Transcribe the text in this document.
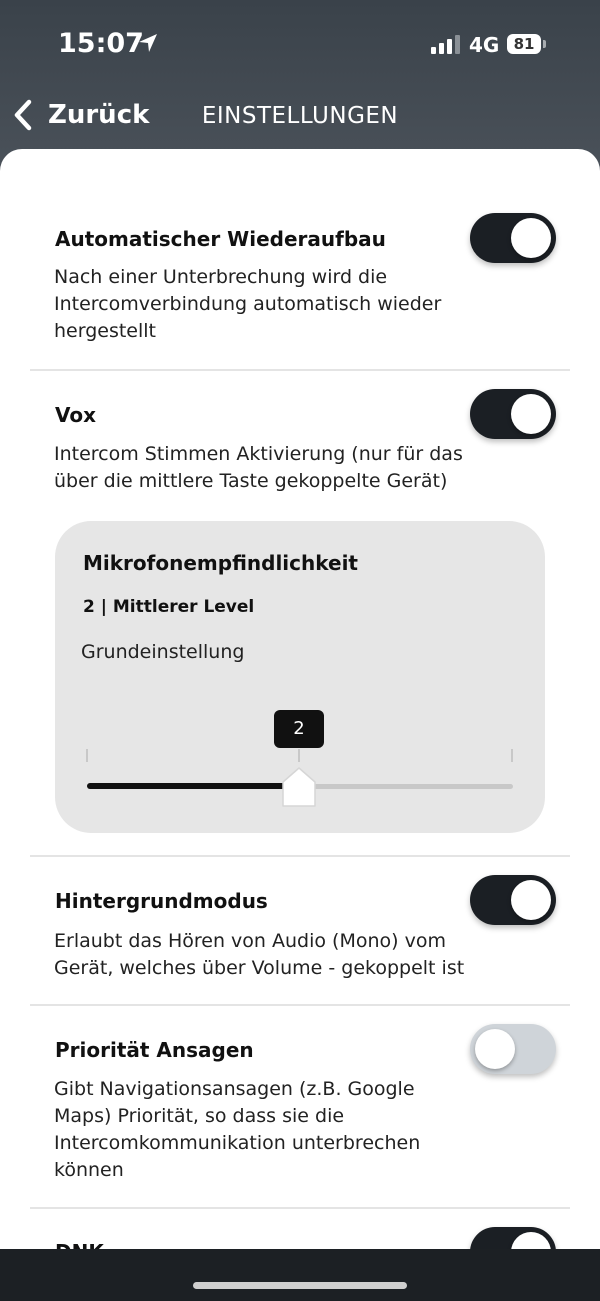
15:07	4G 81
Zurück	EINSTELLUNGEN
Automatischer Wiederaufbau
Nach einer Unterbrechung wird die Intercomverbindung automatisch wieder hergestellt
Vox
Intercom Stimmen Aktivierung (nur für das über die mittlere Taste gekoppelte Gerät)
Mikrofonempfindlichkeit
2 | Mittlerer Level
Grundeinstellung
2
Hintergrundmodus
Erlaubt das Hören von Audio (Mono) vom Gerät, welches über Volume - gekoppelt ist
Priorität Ansagen
Gibt Navigationsansagen (z.B. Google Maps) Priorität, so dass sie die Intercomkommunikation unterbrechen können
